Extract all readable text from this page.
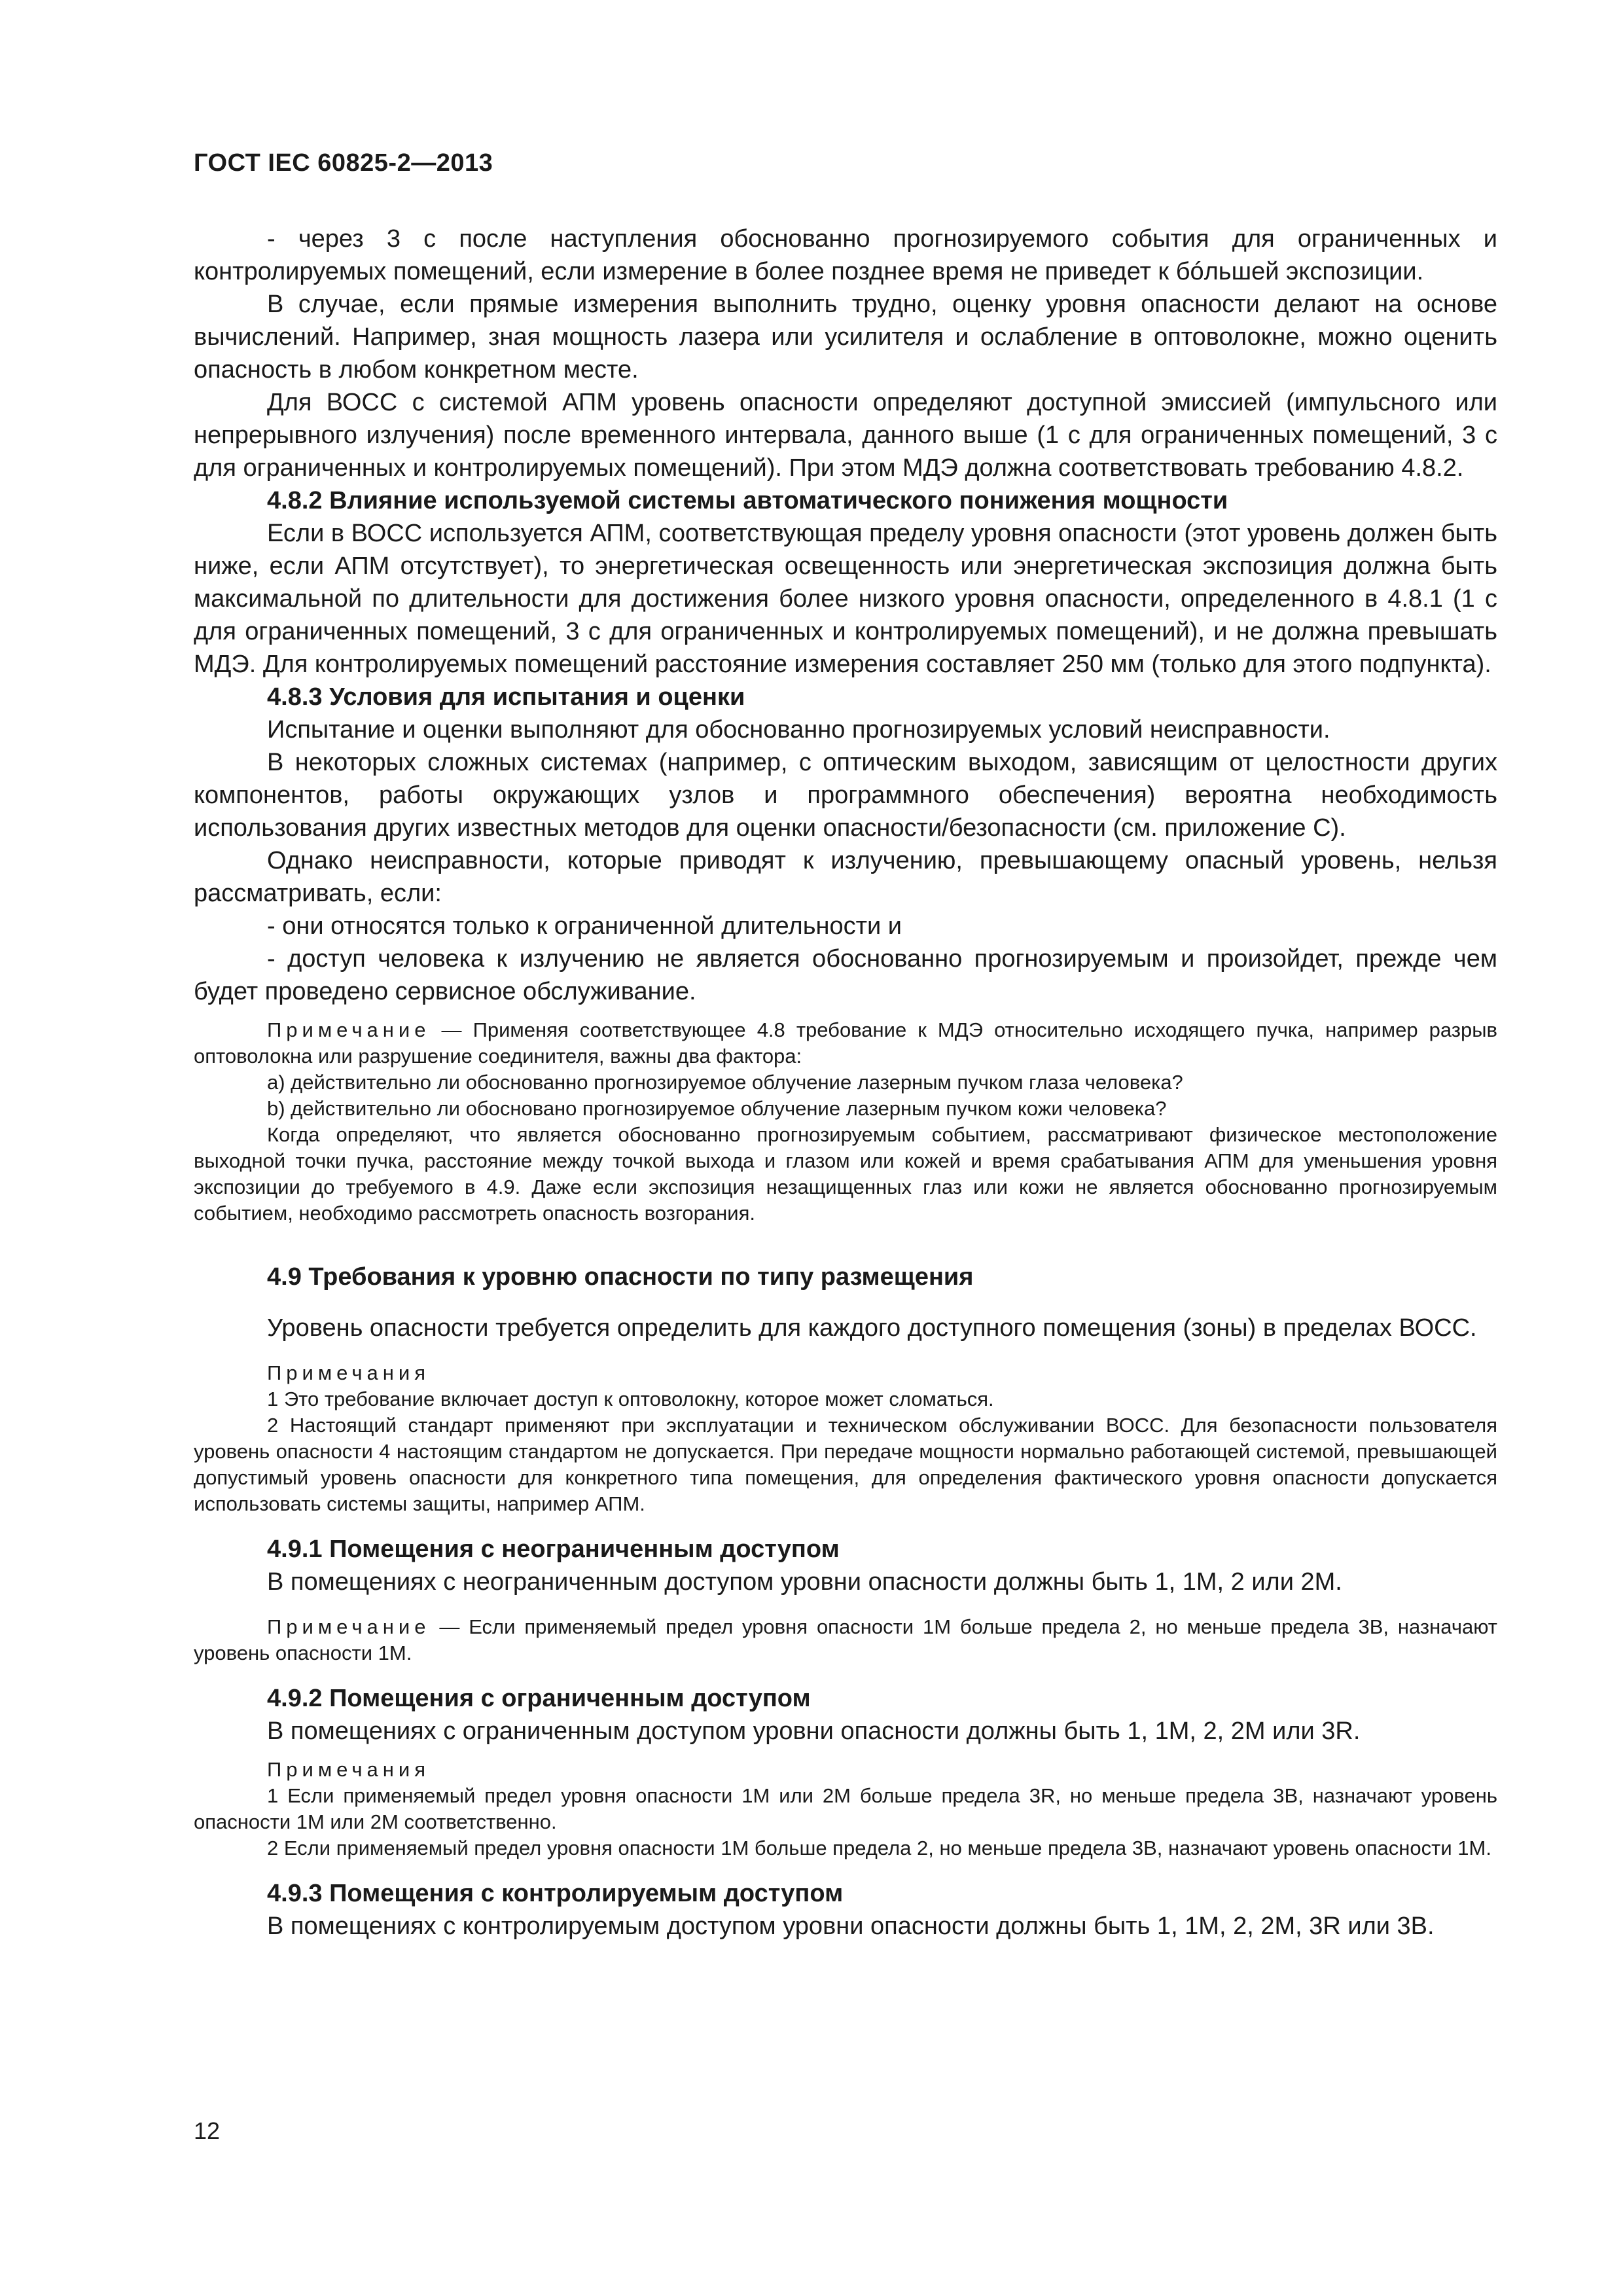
ГОСТ IEC 60825-2—2013

- через 3 с после наступления обоснованно прогнозируемого события для ограниченных и контролируемых помещений, если измерение в более позднее время не приведет к бóльшей экспозиции.

В случае, если прямые измерения выполнить трудно, оценку уровня опасности делают на основе вычислений. Например, зная мощность лазера или усилителя и ослабление в оптоволокне, можно оценить опасность в любом конкретном месте.

Для ВОСС с системой АПМ уровень опасности определяют доступной эмиссией (импульсного или непрерывного излучения) после временного интервала, данного выше (1 с для ограниченных помещений, 3 с для ограниченных и контролируемых помещений). При этом МДЭ должна соответствовать требованию 4.8.2.

4.8.2 Влияние используемой системы автоматического понижения мощности

Если в ВОСС используется АПМ, соответствующая пределу уровня опасности (этот уровень должен быть ниже, если АПМ отсутствует), то энергетическая освещенность или энергетическая экспозиция должна быть максимальной по длительности для достижения более низкого уровня опасности, определенного в 4.8.1 (1 с для ограниченных помещений, 3 с для ограниченных и контролируемых помещений), и не должна превышать МДЭ. Для контролируемых помещений расстояние измерения составляет 250 мм (только для этого подпункта).

4.8.3 Условия для испытания и оценки

Испытание и оценки выполняют для обоснованно прогнозируемых условий неисправности.

В некоторых сложных системах (например, с оптическим выходом, зависящим от целостности других компонентов, работы окружающих узлов и программного обеспечения) вероятна необходимость использования других известных методов для оценки опасности/безопасности (см. приложение С).

Однако неисправности, которые приводят к излучению, превышающему опасный уровень, нельзя рассматривать, если:

- они относятся только к ограниченной длительности и

- доступ человека к излучению не является обоснованно прогнозируемым и произойдет, прежде чем будет проведено сервисное обслуживание.

Примечание — Применяя соответствующее 4.8 требование к МДЭ относительно исходящего пучка, например разрыв оптоволокна или разрушение соединителя, важны два фактора:

а) действительно ли обоснованно прогнозируемое облучение лазерным пучком глаза человека?

b) действительно ли обосновано прогнозируемое облучение лазерным пучком кожи человека?

Когда определяют, что является обоснованно прогнозируемым событием, рассматривают физическое местоположение выходной точки пучка, расстояние между точкой выхода и глазом или кожей и время срабатывания АПМ для уменьшения уровня экспозиции до требуемого в 4.9. Даже если экспозиция незащищенных глаз или кожи не является обоснованно прогнозируемым событием, необходимо рассмотреть опасность возгорания.

4.9 Требования к уровню опасности по типу размещения

Уровень опасности требуется определить для каждого доступного помещения (зоны) в пределах ВОСС.

Примечания

1 Это требование включает доступ к оптоволокну, которое может сломаться.

2 Настоящий стандарт применяют при эксплуатации и техническом обслуживании ВОСС. Для безопасности пользователя уровень опасности 4 настоящим стандартом не допускается. При передаче мощности нормально работающей системой, превышающей допустимый уровень опасности для конкретного типа помещения, для определения фактического уровня опасности допускается использовать системы защиты, например АПМ.

4.9.1 Помещения с неограниченным доступом

В помещениях с неограниченным доступом уровни опасности должны быть 1, 1М, 2 или 2М.

Примечание — Если применяемый предел уровня опасности 1М больше предела 2, но меньше предела 3В, назначают уровень опасности 1М.

4.9.2 Помещения с ограниченным доступом

В помещениях с ограниченным доступом уровни опасности должны быть 1, 1М, 2, 2М или 3R.

Примечания

1 Если применяемый предел уровня опасности 1М или 2М больше предела 3R, но меньше предела 3В, назначают уровень опасности 1М или 2М соответственно.

2 Если применяемый предел уровня опасности 1М больше предела 2, но меньше предела 3В, назначают уровень опасности 1М.

4.9.3 Помещения с контролируемым доступом

В помещениях с контролируемым доступом уровни опасности должны быть 1, 1М, 2, 2М, 3R или 3В.

12
